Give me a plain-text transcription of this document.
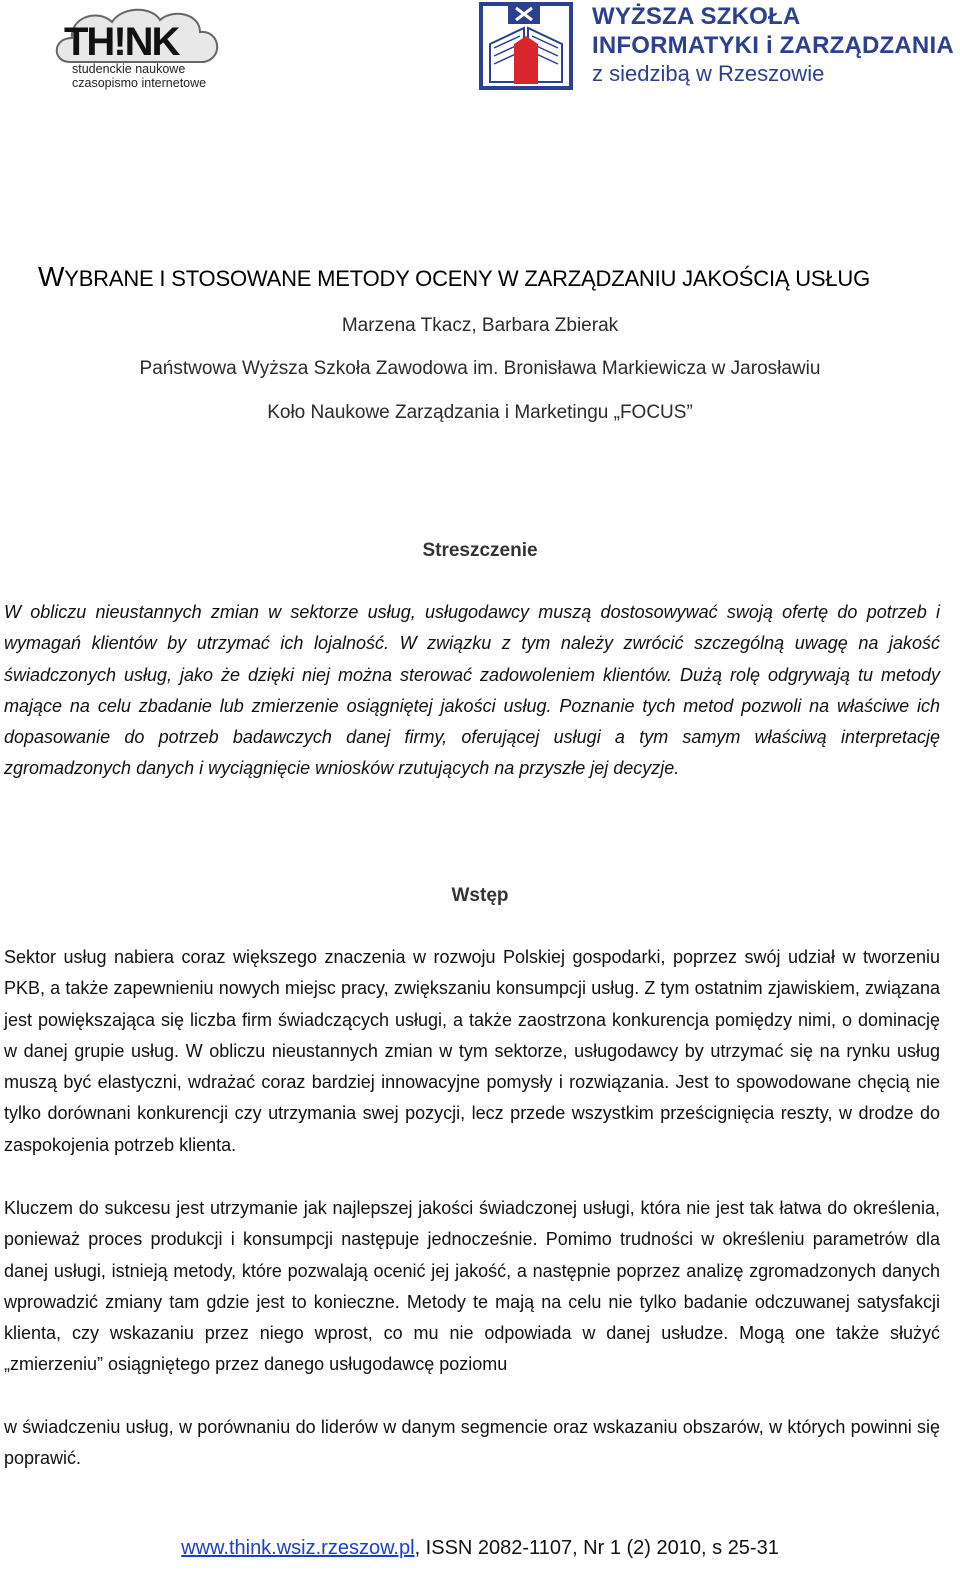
TH!NK
studenckie naukowe
czasopismo internetowe
WYŻSZA SZKOŁA
INFORMATYKI i ZARZĄDZANIA
z siedzibą w Rzeszowie
WYBRANE I STOSOWANE METODY OCENY W ZARZĄDZANIU JAKOŚCIĄ USŁUG
Marzena Tkacz, Barbara Zbierak
Państwowa Wyższa Szkoła Zawodowa im. Bronisława Markiewicza w Jarosławiu
Koło Naukowe Zarządzania i Marketingu „FOCUS”
Streszczenie

W obliczu nieustannych zmian w sektorze usług, usługodawcy muszą dostosowywać swoją ofertę do potrzeb i wymagań klientów by utrzymać ich lojalność. W związku z tym należy zwrócić szczególną uwagę na jakość świadczonych usług, jako że dzięki niej można sterować zadowoleniem klientów. Dużą rolę odgrywają tu metody mające na celu zbadanie lub zmierzenie osiągniętej jakości usług. Poznanie tych metod pozwoli na właściwe ich dopasowanie do potrzeb badawczych danej firmy, oferującej usługi a tym samym właściwą interpretację zgromadzonych danych i wyciągnięcie wniosków rzutujących na przyszłe jej decyzje.

Wstęp

Sektor usług nabiera coraz większego znaczenia w rozwoju Polskiej gospodarki, poprzez swój udział w tworzeniu PKB, a także zapewnieniu nowych miejsc pracy, zwiększaniu konsumpcji usług. Z tym ostatnim zjawiskiem, związana jest powiększająca się liczba firm świadczących usługi, a także zaostrzona konkurencja pomiędzy nimi, o dominację w danej grupie usług. W obliczu nieustannych zmian w tym sektorze, usługodawcy by utrzymać się na rynku usług muszą być elastyczni, wdrażać coraz bardziej innowacyjne pomysły i rozwiązania. Jest to spowodowane chęcią nie tylko dorównani konkurencji czy utrzymania swej pozycji, lecz przede wszystkim prześcignięcia reszty, w drodze do zaspokojenia potrzeb klienta.

Kluczem do sukcesu jest utrzymanie jak najlepszej jakości świadczonej usługi, która nie jest tak łatwa do określenia, ponieważ proces produkcji i konsumpcji następuje jednocześnie. Pomimo trudności w określeniu parametrów dla danej usługi, istnieją metody, które pozwalają ocenić jej jakość, a następnie poprzez analizę zgromadzonych danych wprowadzić zmiany tam gdzie jest to konieczne. Metody te mają na celu nie tylko badanie odczuwanej satysfakcji klienta, czy wskazaniu przez niego wprost, co mu nie odpowiada w danej usłudze. Mogą one także służyć „zmierzeniu” osiągniętego przez danego usługodawcę poziomu

w świadczeniu usług, w porównaniu do liderów w danym segmencie oraz wskazaniu obszarów, w których powinni się poprawić.

www.think.wsiz.rzeszow.pl, ISSN 2082-1107, Nr 1 (2) 2010, s 25-31
